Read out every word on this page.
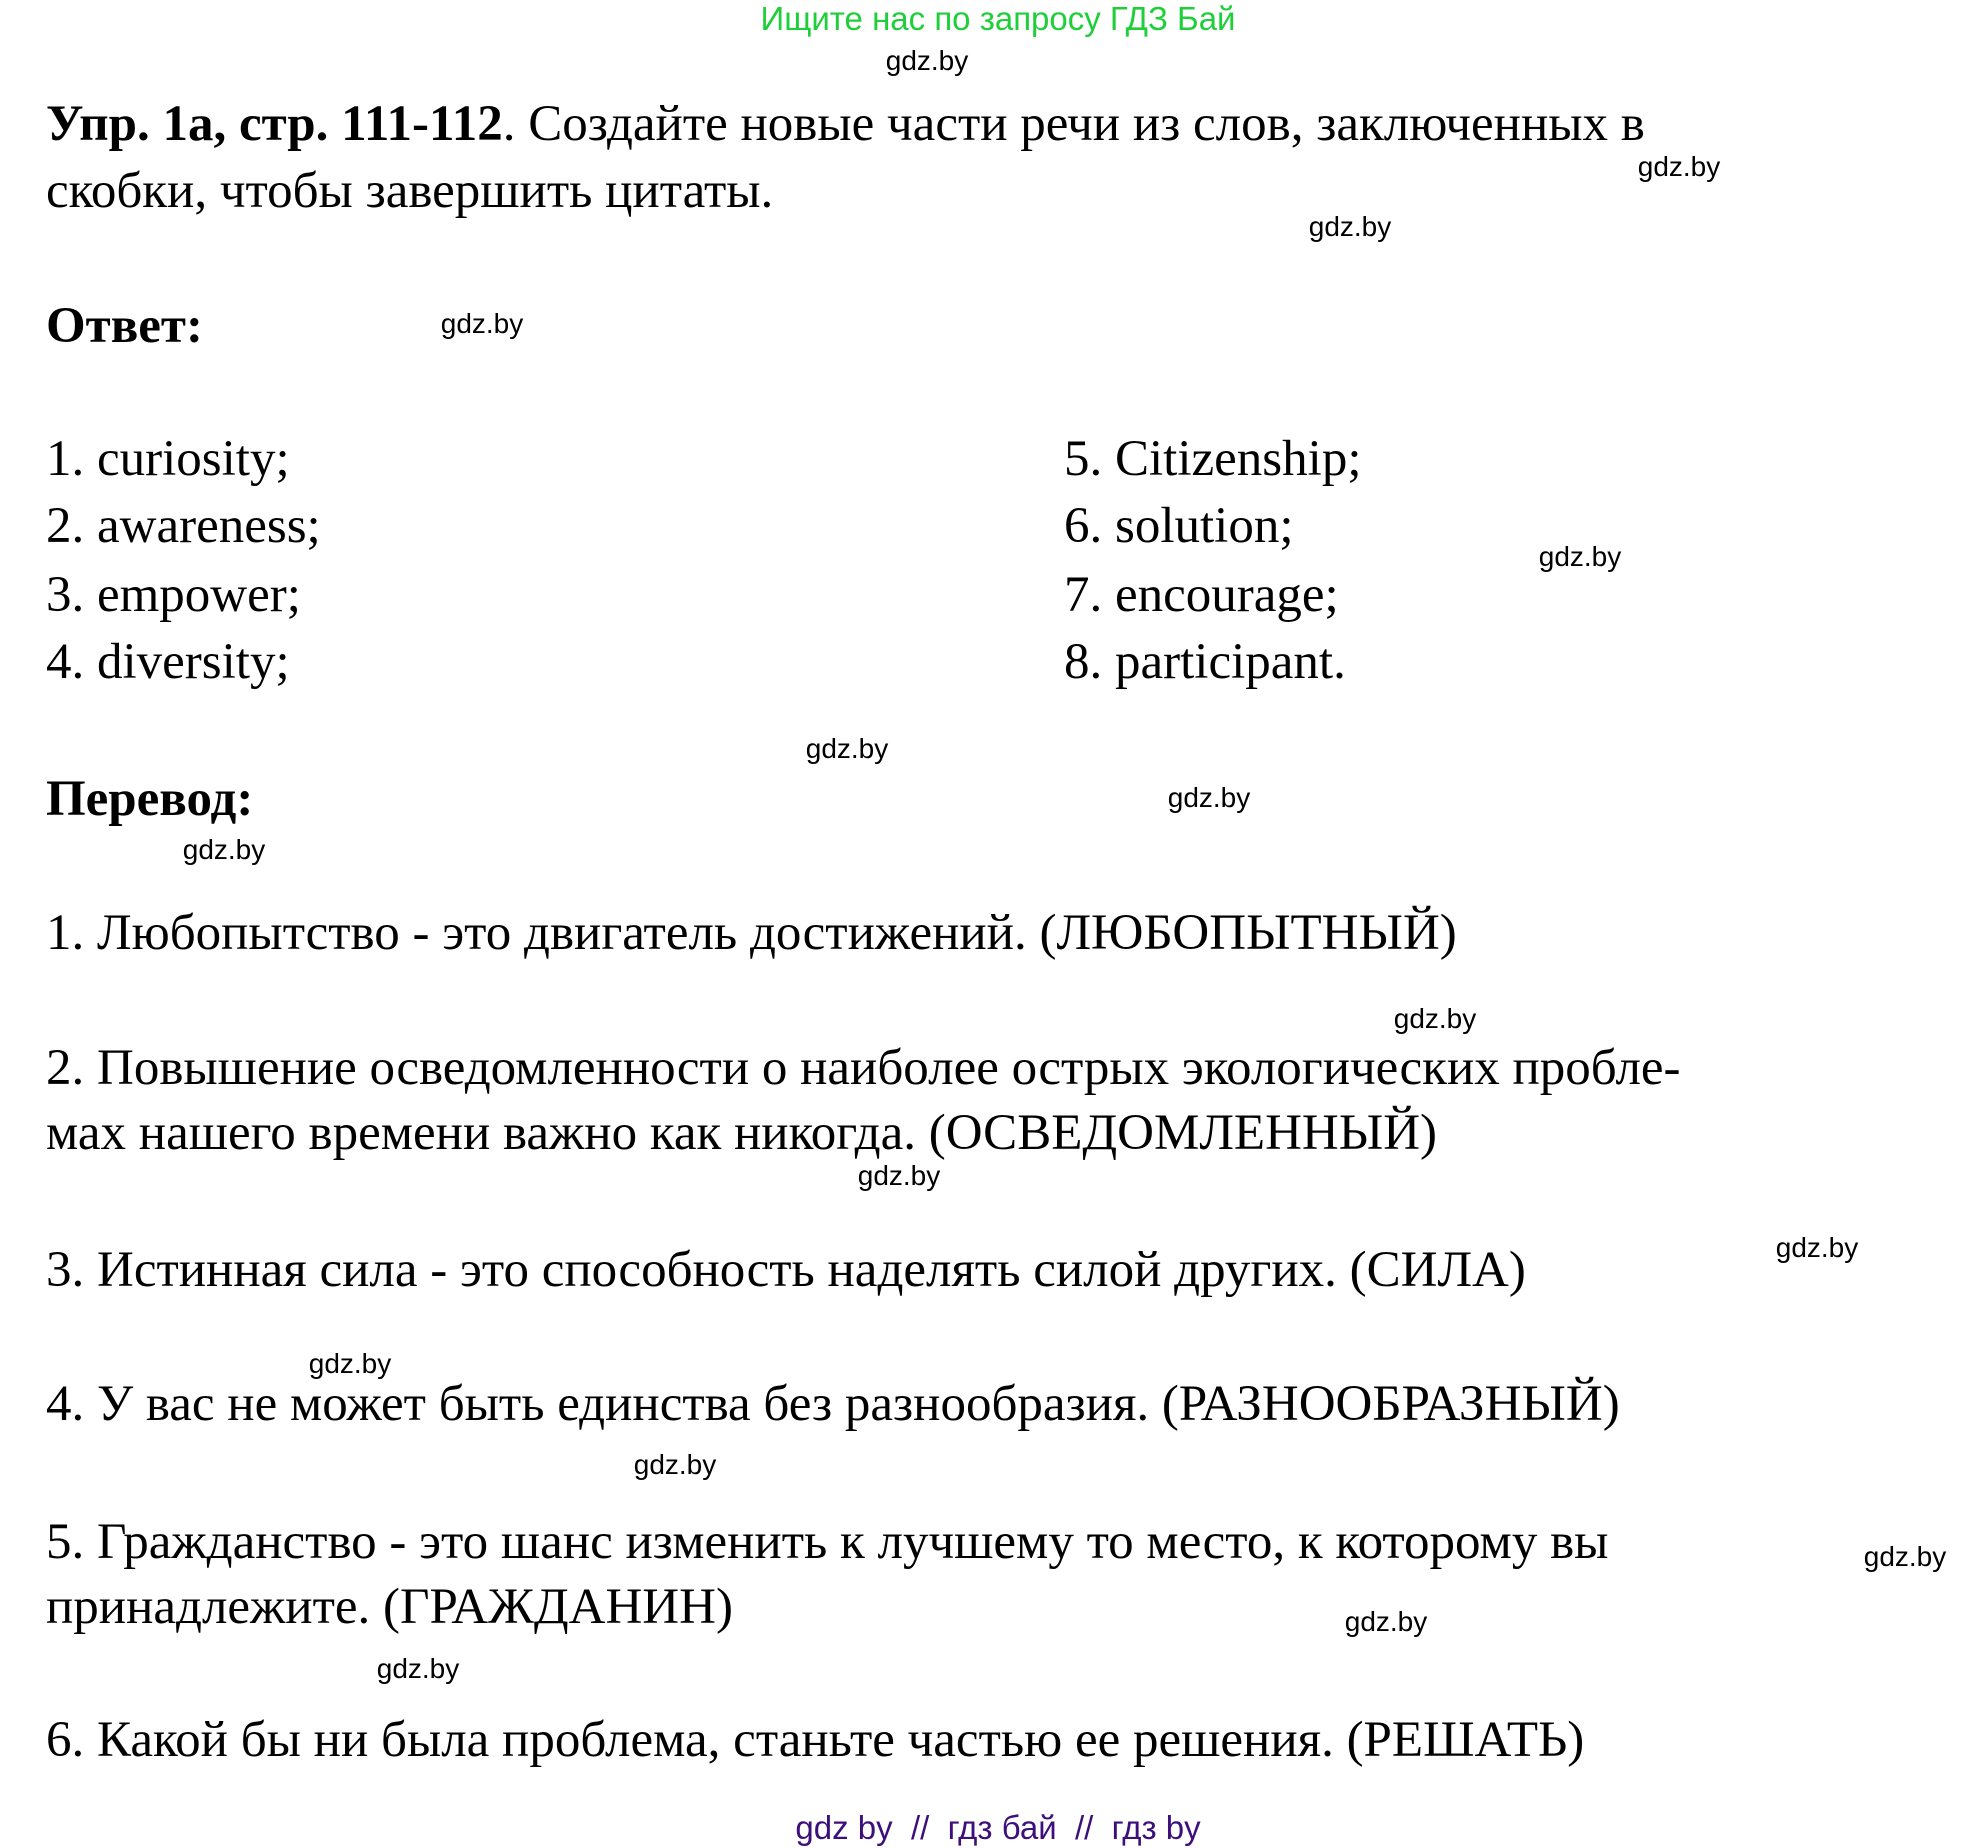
Ищите нас по запросу ГДЗ Бай
Упр. 1а, стр. 111-112. Создайте новые части речи из слов, заключенных в
скобки, чтобы завершить цитаты.
Ответ:
1. curiosity;
2. awareness;
3. empower;
4. diversity;
5. Citizenship;
6. solution;
7. encourage;
8. participant.
Перевод:
1. Любопытство - это двигатель достижений. (ЛЮБОПЫТНЫЙ)
2. Повышение осведомленности о наиболее острых экологических пробле-
мах нашего времени важно как никогда. (ОСВЕДОМЛЕННЫЙ)
3. Истинная сила - это способность наделять силой других. (СИЛА)
4. У вас не может быть единства без разнообразия. (РАЗНООБРАЗНЫЙ)
5. Гражданство - это шанс изменить к лучшему то место, к которому вы
принадлежите. (ГРАЖДАНИН)
6. Какой бы ни была проблема, станьте частью ее решения. (РЕШАТЬ)
gdz.by
gdz.by
gdz.by
gdz.by
gdz.by
gdz.by
gdz.by
gdz.by
gdz.by
gdz.by
gdz.by
gdz.by
gdz.by
gdz.by
gdz.by
gdz.by
gdz by  //  гдз бай  //  гдз by
